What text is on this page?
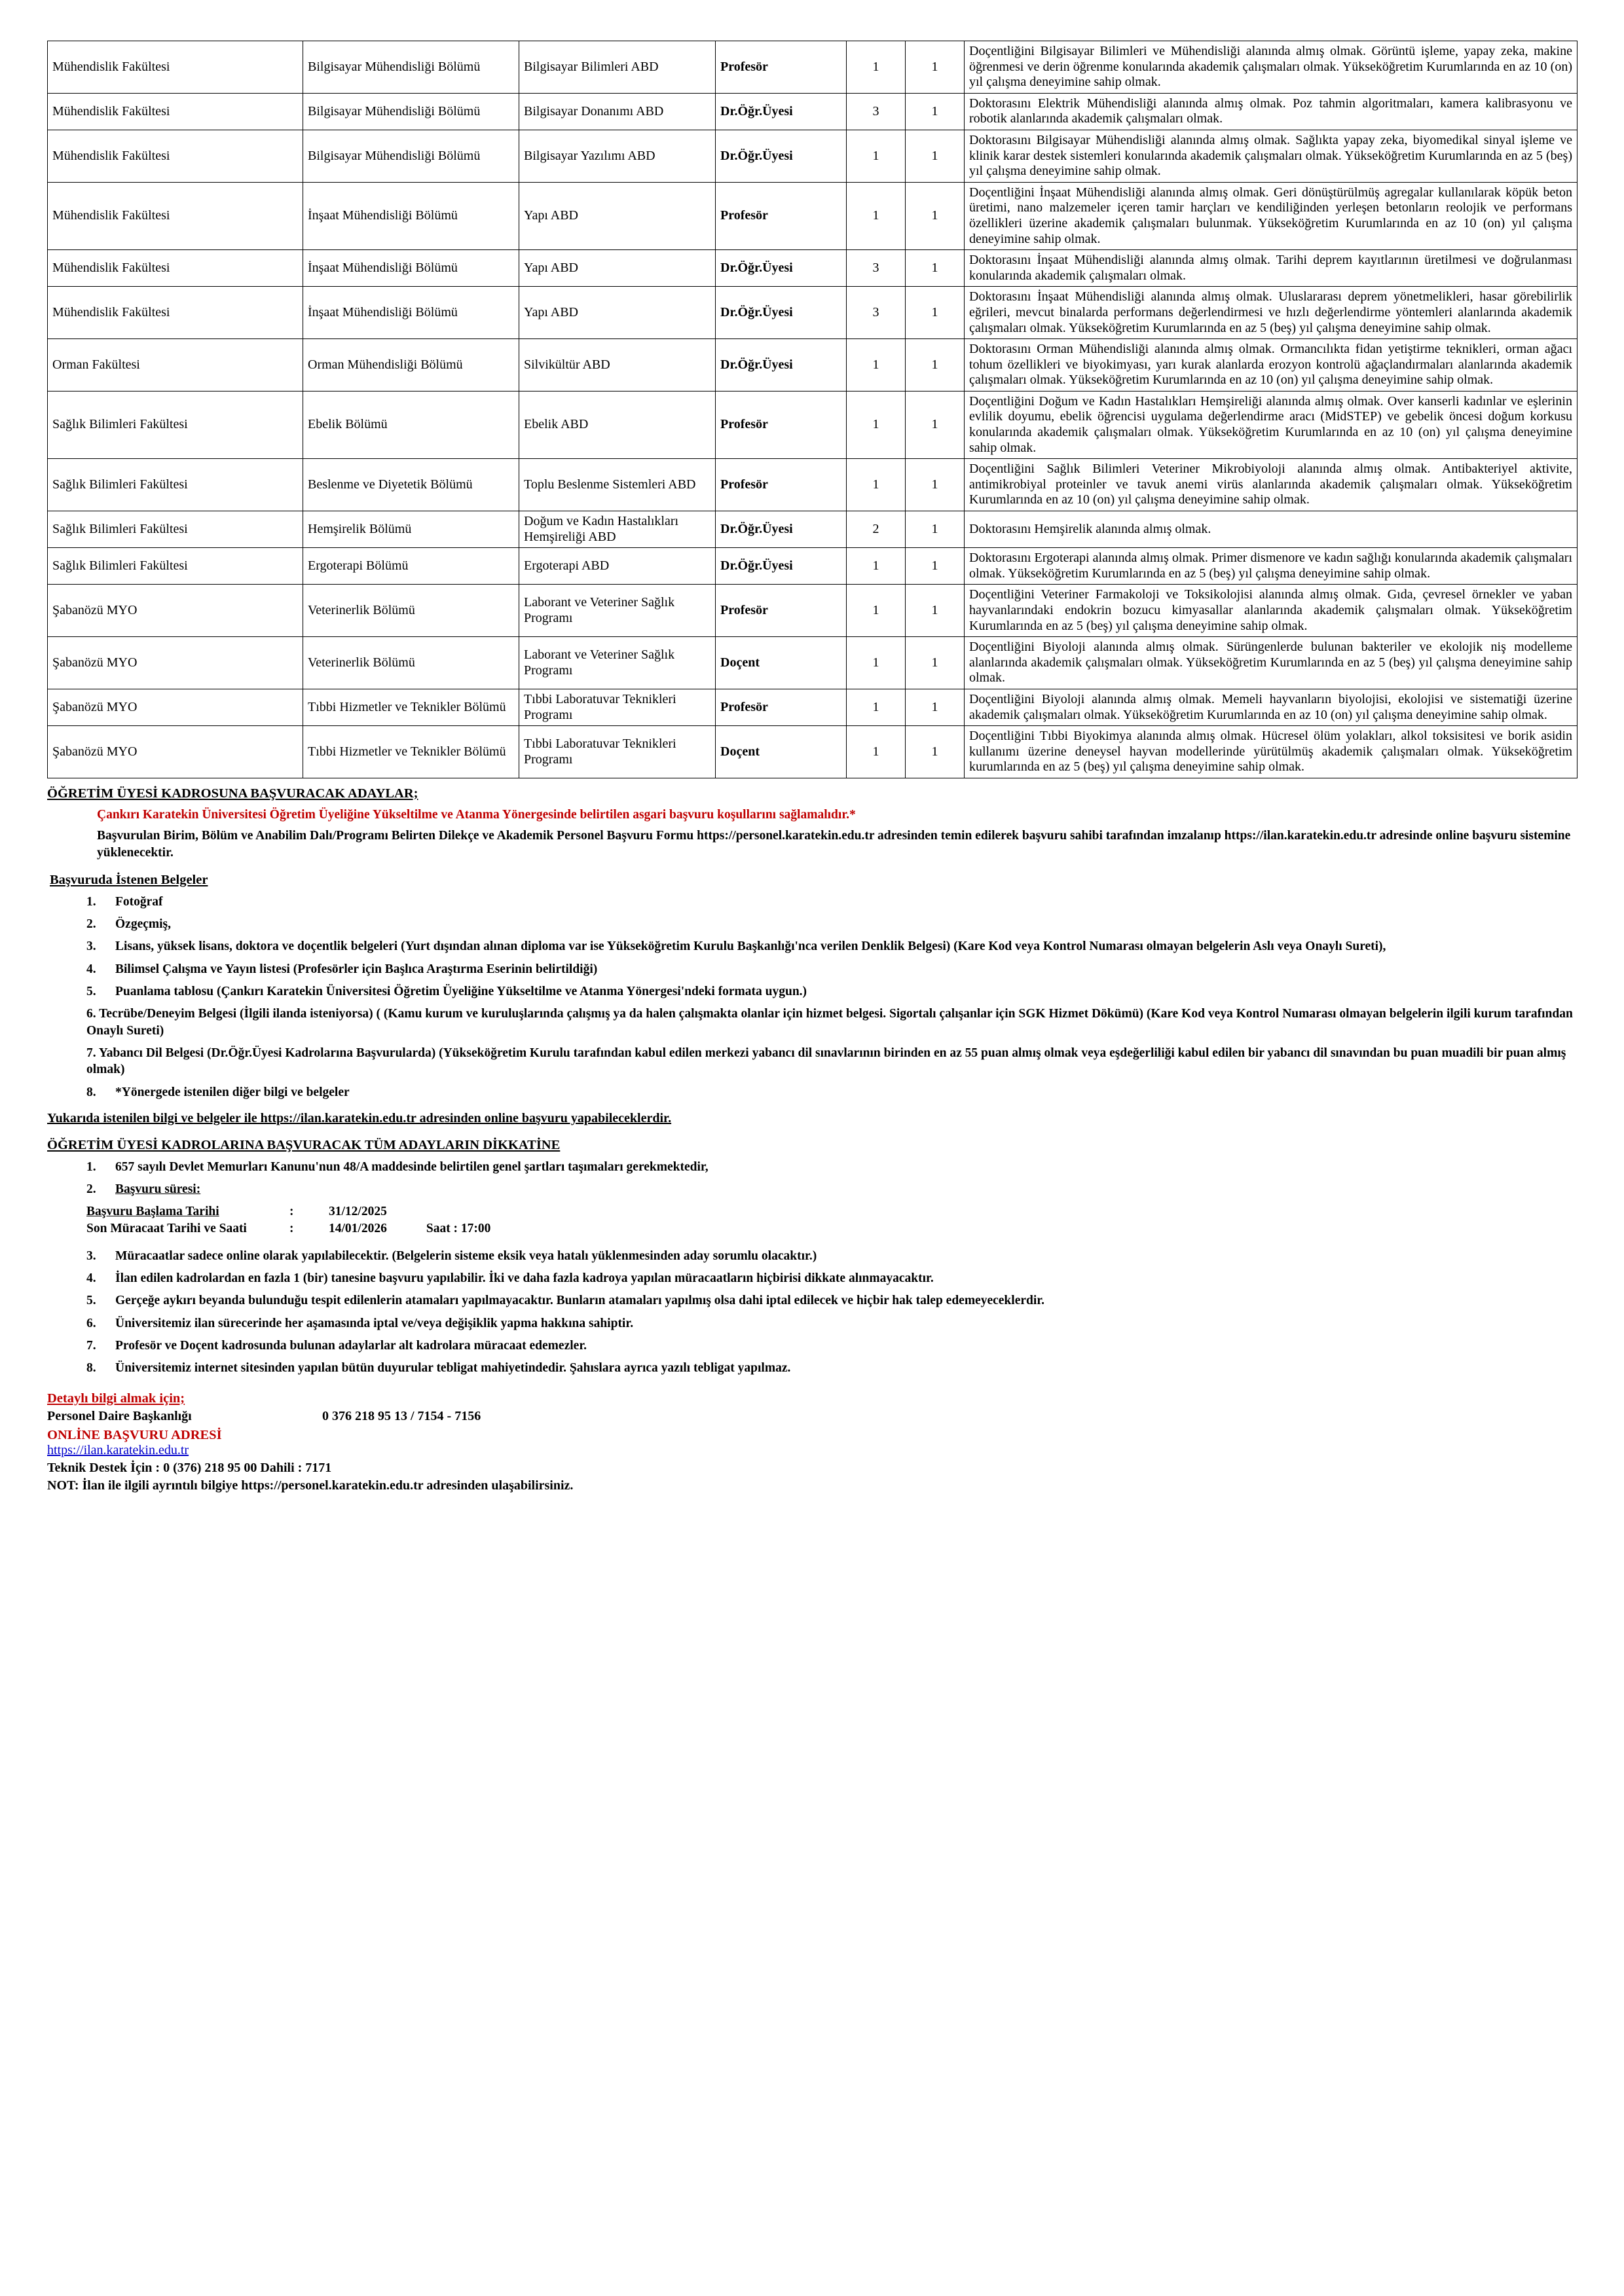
Mühendislik Fakültesi	Bilgisayar Mühendisliği Bölümü	Bilgisayar Bilimleri ABD	Profesör	1	1	Doçentliğini Bilgisayar Bilimleri ve Mühendisliği alanında almış olmak. Görüntü işleme, yapay zeka, makine öğrenmesi ve derin öğrenme konularında akademik çalışmaları olmak. Yükseköğretim Kurumlarında en az 10 (on) yıl çalışma deneyimine sahip olmak.
Mühendislik Fakültesi	Bilgisayar Mühendisliği Bölümü	Bilgisayar Donanımı ABD	Dr.Öğr.Üyesi	3	1	Doktorasını Elektrik Mühendisliği alanında almış olmak. Poz tahmin algoritmaları, kamera kalibrasyonu ve robotik alanlarında akademik çalışmaları olmak.
Mühendislik Fakültesi	Bilgisayar Mühendisliği Bölümü	Bilgisayar Yazılımı ABD	Dr.Öğr.Üyesi	1	1	Doktorasını Bilgisayar Mühendisliği alanında almış olmak. Sağlıkta yapay zeka, biyomedikal sinyal işleme ve klinik karar destek sistemleri konularında akademik çalışmaları olmak. Yükseköğretim Kurumlarında en az 5 (beş) yıl çalışma deneyimine sahip olmak.
Mühendislik Fakültesi	İnşaat Mühendisliği Bölümü	Yapı ABD	Profesör	1	1	Doçentliğini İnşaat Mühendisliği alanında almış olmak. Geri dönüştürülmüş agregalar kullanılarak köpük beton üretimi, nano malzemeler içeren tamir harçları ve kendiliğinden yerleşen betonların reolojik ve performans özellikleri üzerine akademik çalışmaları bulunmak. Yükseköğretim Kurumlarında en az 10 (on) yıl çalışma deneyimine sahip olmak.
Mühendislik Fakültesi	İnşaat Mühendisliği Bölümü	Yapı ABD	Dr.Öğr.Üyesi	3	1	Doktorasını İnşaat Mühendisliği alanında almış olmak. Tarihi deprem kayıtlarının üretilmesi ve doğrulanması konularında akademik çalışmaları olmak.
Mühendislik Fakültesi	İnşaat Mühendisliği Bölümü	Yapı ABD	Dr.Öğr.Üyesi	3	1	Doktorasını İnşaat Mühendisliği alanında almış olmak. Uluslararası deprem yönetmelikleri, hasar görebilirlik eğrileri, mevcut binalarda performans değerlendirmesi ve hızlı değerlendirme yöntemleri alanlarında akademik çalışmaları olmak. Yükseköğretim Kurumlarında en az 5 (beş) yıl çalışma deneyimine sahip olmak.
Orman Fakültesi	Orman Mühendisliği Bölümü	Silvikültür ABD	Dr.Öğr.Üyesi	1	1	Doktorasını Orman Mühendisliği alanında almış olmak. Ormancılıkta fidan yetiştirme teknikleri, orman ağacı tohum özellikleri ve biyokimyası, yarı kurak alanlarda erozyon kontrolü ağaçlandırmaları alanlarında akademik çalışmaları olmak. Yükseköğretim Kurumlarında en az 10 (on) yıl çalışma deneyimine sahip olmak.
Sağlık Bilimleri Fakültesi	Ebelik Bölümü	Ebelik ABD	Profesör	1	1	Doçentliğini Doğum ve Kadın Hastalıkları Hemşireliği alanında almış olmak. Over kanserli kadınlar ve eşlerinin evlilik doyumu, ebelik öğrencisi uygulama değerlendirme aracı (MidSTEP) ve gebelik öncesi doğum korkusu konularında akademik çalışmaları olmak. Yükseköğretim Kurumlarında en az 10 (on) yıl çalışma deneyimine sahip olmak.
Sağlık Bilimleri Fakültesi	Beslenme ve Diyetetik Bölümü	Toplu Beslenme Sistemleri ABD	Profesör	1	1	Doçentliğini Sağlık Bilimleri Veteriner Mikrobiyoloji alanında almış olmak. Antibakteriyel aktivite, antimikrobiyal proteinler ve tavuk anemi virüs alanlarında akademik çalışmaları olmak. Yükseköğretim Kurumlarında en az 10 (on) yıl çalışma deneyimine sahip olmak.
Sağlık Bilimleri Fakültesi	Hemşirelik Bölümü	Doğum ve Kadın Hastalıkları Hemşireliği ABD	Dr.Öğr.Üyesi	2	1	Doktorasını Hemşirelik alanında almış olmak.
Sağlık Bilimleri Fakültesi	Ergoterapi Bölümü	Ergoterapi ABD	Dr.Öğr.Üyesi	1	1	Doktorasını Ergoterapi alanında almış olmak. Primer dismenore ve kadın sağlığı konularında akademik çalışmaları olmak. Yükseköğretim Kurumlarında en az 5 (beş) yıl çalışma deneyimine sahip olmak.
Şabanözü MYO	Veterinerlik Bölümü	Laborant ve Veteriner Sağlık Programı	Profesör	1	1	Doçentliğini Veteriner Farmakoloji ve Toksikolojisi alanında almış olmak. Gıda, çevresel örnekler ve yaban hayvanlarındaki endokrin bozucu kimyasallar alanlarında akademik çalışmaları olmak. Yükseköğretim Kurumlarında en az 5 (beş) yıl çalışma deneyimine sahip olmak.
Şabanözü MYO	Veterinerlik Bölümü	Laborant ve Veteriner Sağlık Programı	Doçent	1	1	Doçentliğini Biyoloji alanında almış olmak. Sürüngenlerde bulunan bakteriler ve ekolojik niş modelleme alanlarında akademik çalışmaları olmak. Yükseköğretim Kurumlarında en az 5 (beş) yıl çalışma deneyimine sahip olmak.
Şabanözü MYO	Tıbbi Hizmetler ve Teknikler Bölümü	Tıbbi Laboratuvar Teknikleri Programı	Profesör	1	1	Doçentliğini Biyoloji alanında almış olmak. Memeli hayvanların biyolojisi, ekolojisi ve sistematiği üzerine akademik çalışmaları olmak. Yükseköğretim Kurumlarında en az 10 (on) yıl çalışma deneyimine sahip olmak.
Şabanözü MYO	Tıbbi Hizmetler ve Teknikler Bölümü	Tıbbi Laboratuvar Teknikleri Programı	Doçent	1	1	Doçentliğini Tıbbi Biyokimya alanında almış olmak. Hücresel ölüm yolakları, alkol toksisitesi ve borik asidin kullanımı üzerine deneysel hayvan modellerinde yürütülmüş akademik çalışmaları olmak. Yükseköğretim kurumlarında en az 5 (beş) yıl çalışma deneyimine sahip olmak.
ÖĞRETİM ÜYESİ KADROSUNA BAŞVURACAK ADAYLAR;
Çankırı Karatekin Üniversitesi Öğretim Üyeliğine Yükseltilme ve Atanma Yönergesinde belirtilen asgari başvuru koşullarını sağlamalıdır.*
Başvurulan Birim, Bölüm ve Anabilim Dalı/Programı Belirten Dilekçe ve Akademik Personel Başvuru Formu https://personel.karatekin.edu.tr adresinden temin edilerek başvuru sahibi tarafından imzalanıp https://ilan.karatekin.edu.tr adresinde online başvuru sistemine yüklenecektir.
Başvuruda İstenen Belgeler
1.	Fotoğraf
2.	Özgeçmiş,
3.	Lisans, yüksek lisans, doktora ve doçentlik belgeleri (Yurt dışından alınan diploma var ise Yükseköğretim Kurulu Başkanlığı'nca verilen Denklik Belgesi) (Kare Kod veya Kontrol Numarası olmayan belgelerin Aslı veya Onaylı Sureti),
4.	Bilimsel Çalışma ve Yayın listesi (Profesörler için Başlıca Araştırma Eserinin belirtildiği)
5.	Puanlama tablosu (Çankırı Karatekin Üniversitesi Öğretim Üyeliğine Yükseltilme ve Atanma Yönergesi'ndeki formata uygun.)
6. Tecrübe/Deneyim Belgesi (İlgili ilanda isteniyorsa) ( (Kamu kurum ve kuruluşlarında çalışmış ya da halen çalışmakta olanlar için hizmet belgesi. Sigortalı çalışanlar için SGK Hizmet Dökümü) (Kare Kod veya Kontrol Numarası olmayan belgelerin ilgili kurum tarafından Onaylı Sureti)
7. Yabancı Dil Belgesi (Dr.Öğr.Üyesi Kadrolarına Başvurularda) (Yükseköğretim Kurulu tarafından kabul edilen merkezi yabancı dil sınavlarının birinden en az 55 puan almış olmak veya eşdeğerliliği kabul edilen bir yabancı dil sınavından bu puan muadili bir puan almış olmak)
8.	*Yönergede istenilen diğer bilgi ve belgeler
Yukarıda istenilen bilgi ve belgeler ile https://ilan.karatekin.edu.tr adresinden online başvuru yapabileceklerdir.
ÖĞRETİM ÜYESİ KADROLARINA BAŞVURACAK TÜM ADAYLARIN DİKKATİNE
1.	657 sayılı Devlet Memurları Kanunu'nun 48/A maddesinde belirtilen genel şartları taşımaları gerekmektedir,
2.	Başvuru süresi:
Başvuru Başlama Tarihi	:	31/12/2025
Son Müracaat Tarihi ve Saati	:	14/01/2026	Saat : 17:00
3.	Müracaatlar sadece online olarak yapılabilecektir. (Belgelerin sisteme eksik veya hatalı yüklenmesinden aday sorumlu olacaktır.)
4.	İlan edilen kadrolardan en fazla 1 (bir) tanesine başvuru yapılabilir. İki ve daha fazla kadroya yapılan müracaatların hiçbirisi dikkate alınmayacaktır.
5.	Gerçeğe aykırı beyanda bulunduğu tespit edilenlerin atamaları yapılmayacaktır. Bunların atamaları yapılmış olsa dahi iptal edilecek ve hiçbir hak talep edemeyeceklerdir.
6.	Üniversitemiz ilan sürecerinde her aşamasında iptal ve/veya değişiklik yapma hakkına sahiptir.
7.	Profesör ve Doçent kadrosunda bulunan adaylarlar alt kadrolara müracaat edemezler.
8.	Üniversitemiz internet sitesinden yapılan bütün duyurular tebligat mahiyetindedir. Şahıslara ayrıca yazılı tebligat yapılmaz.
Detaylı bilgi almak için;
Personel Daire Başkanlığı	0 376 218 95 13 / 7154 - 7156
ONLİNE BAŞVURU ADRESİ
https://ilan.karatekin.edu.tr
Teknik Destek İçin : 0 (376) 218 95 00 Dahili : 7171
NOT: İlan ile ilgili ayrıntılı bilgiye https://personel.karatekin.edu.tr adresinden ulaşabilirsiniz.
